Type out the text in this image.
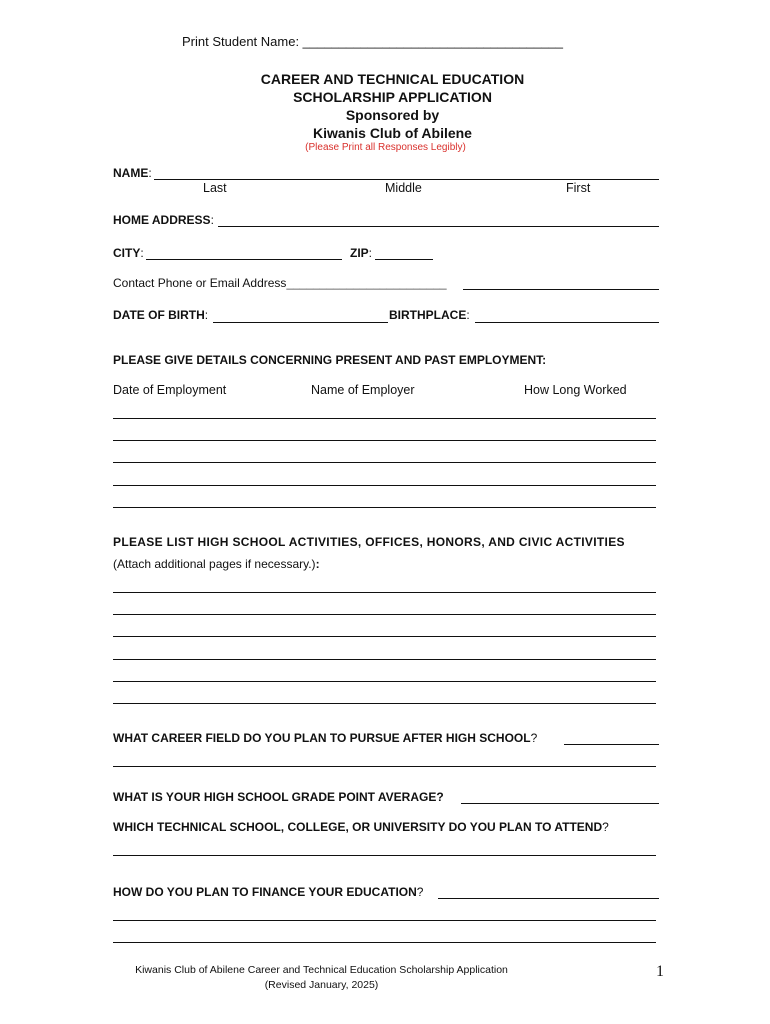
Print Student Name: ____________________________________
CAREER AND TECHNICAL EDUCATION
SCHOLARSHIP APPLICATION
Sponsored by
Kiwanis Club of Abilene
(Please Print all Responses Legibly)
NAME:
Last	Middle	First
HOME ADDRESS:
CITY:	ZIP:
Contact Phone or Email Address________________________
DATE OF BIRTH:	BIRTHPLACE:
PLEASE GIVE DETAILS CONCERNING PRESENT AND PAST EMPLOYMENT:
Date of Employment	Name of Employer	How Long Worked
PLEASE LIST HIGH SCHOOL ACTIVITIES, OFFICES, HONORS, AND CIVIC ACTIVITIES
(Attach additional pages if necessary.):
WHAT CAREER FIELD DO YOU PLAN TO PURSUE AFTER HIGH SCHOOL?
WHAT IS YOUR HIGH SCHOOL GRADE POINT AVERAGE?
WHICH TECHNICAL SCHOOL, COLLEGE, OR UNIVERSITY DO YOU PLAN TO ATTEND?
HOW DO YOU PLAN TO FINANCE YOUR EDUCATION?
Kiwanis Club of Abilene Career and Technical Education Scholarship Application
(Revised January, 2025)
1
